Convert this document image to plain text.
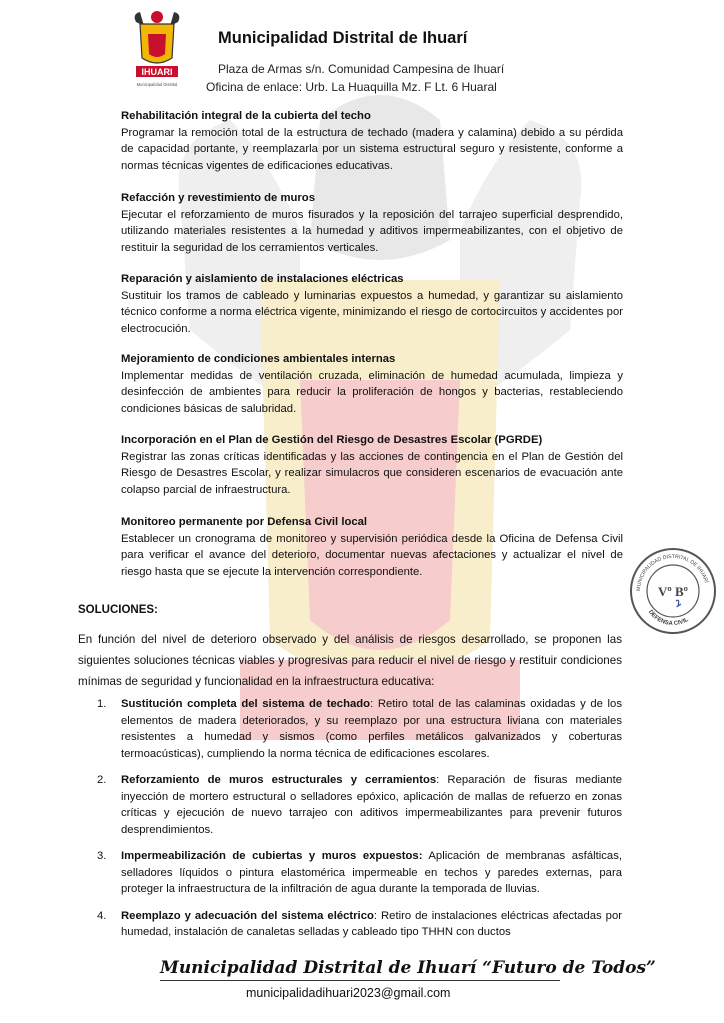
IHUARI
Municipalidad Distrital
Municipalidad Distrital de Ihuarí
Plaza de Armas s/n. Comunidad Campesina de Ihuarí
Oficina de enlace: Urb. La Huaquilla Mz. F Lt. 6 Huaral
Rehabilitación integral de la cubierta del techo

Programar la remoción total de la estructura de techado (madera y calamina) debido a su pérdida de capacidad portante, y reemplazarla por un sistema estructural seguro y resistente, conforme a normas técnicas vigentes de edificaciones educativas.

Refacción y revestimiento de muros

Ejecutar el reforzamiento de muros fisurados y la reposición del tarrajeo superficial desprendido, utilizando materiales resistentes a la humedad y aditivos impermeabilizantes, con el objetivo de restituir la seguridad de los cerramientos verticales.

Reparación y aislamiento de instalaciones eléctricas

Sustituir los tramos de cableado y luminarias expuestos a humedad, y garantizar su aislamiento técnico conforme a norma eléctrica vigente, minimizando el riesgo de cortocircuitos y accidentes por electrocución.

Mejoramiento de condiciones ambientales internas

Implementar medidas de ventilación cruzada, eliminación de humedad acumulada, limpieza y desinfección de ambientes para reducir la proliferación de hongos y bacterias, restableciendo condiciones básicas de salubridad.

Incorporación en el Plan de Gestión del Riesgo de Desastres Escolar (PGRDE)

Registrar las zonas críticas identificadas y las acciones de contingencia en el Plan de Gestión del Riesgo de Desastres Escolar, y realizar simulacros que consideren escenarios de evacuación ante colapso parcial de infraestructura.

Monitoreo permanente por Defensa Civil local

Establecer un cronograma de monitoreo y supervisión periódica desde la Oficina de Defensa Civil para verificar el avance del deterioro, documentar nuevas afectaciones y actualizar el nivel de riesgo hasta que se ejecute la intervención correspondiente.

MUNICIPALIDAD DISTRITAL DE IHUARÍ
DEFENSA CIVIL
Vº Bº
SOLUCIONES:
En función del nivel de deterioro observado y del análisis de riesgos desarrollado, se proponen las siguientes soluciones técnicas viables y progresivas para reducir el nivel de riesgo y restituir condiciones mínimas de seguridad y funcionalidad en la infraestructura educativa:
1. Sustitución completa del sistema de techado: Retiro total de las calaminas oxidadas y de los elementos de madera deteriorados, y su reemplazo por una estructura liviana con materiales resistentes a humedad y sismos (como perfiles metálicos galvanizados y coberturas termoacústicas), cumpliendo la norma técnica de edificaciones escolares.
2. Reforzamiento de muros estructurales y cerramientos: Reparación de fisuras mediante inyección de mortero estructural o selladores epóxico, aplicación de mallas de refuerzo en zonas críticas y ejecución de nuevo tarrajeo con aditivos impermeabilizantes para prevenir futuros desprendimientos.
3. Impermeabilización de cubiertas y muros expuestos: Aplicación de membranas asfálticas, selladores líquidos o pintura elastomérica impermeable en techos y paredes externas, para proteger la infraestructura de la infiltración de agua durante la temporada de lluvias.
4. Reemplazo y adecuación del sistema eléctrico: Retiro de instalaciones eléctricas afectadas por humedad, instalación de canaletas selladas y cableado tipo THHN con ductos
Municipalidad Distrital de Ihuarí “Futuro de Todos”
municipalidadihuari2023@gmail.com
